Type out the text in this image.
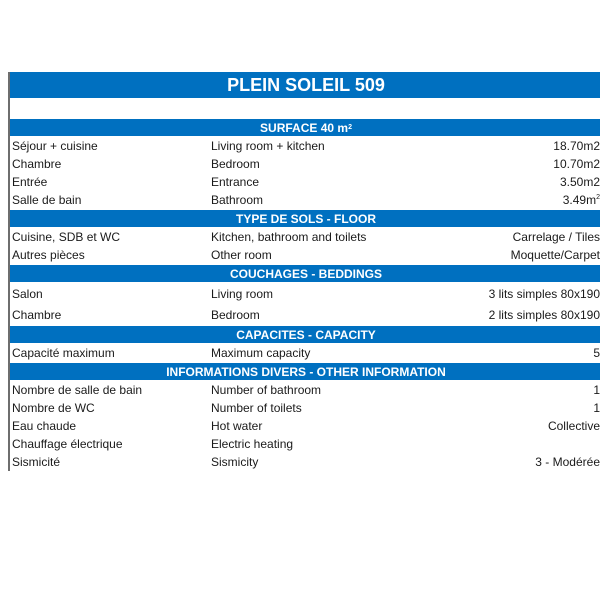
PLEIN SOLEIL 509
SURFACE 40 m 2
Séjour + cuisine	Living room + kitchen	18.70m2
Chambre	Bedroom	10.70m2
Entrée	Entrance	3.50m2
Salle de bain	Bathroom	$3.49m^2$
TYPE DE SOLS - FLOOR
Cuisine, SDB et WC	Kitchen, bathroom and toilets	Carrelage / Tiles
Autres pièces	Other room	Moquette/Carpet
COUCHAGES - BEDDINGS
Salon	Living room	3 lits simples 80x190
Chambre	Bedroom	2 lits simples 80x190
CAPACITES - CAPACITY
Capacité maximum	Maximum capacity	5
INFORMATIONS DIVERS - OTHER INFORMATION
Nombre de salle de bain	Number of bathroom	1
Nombre de WC	Number of toilets	1
Eau chaude	Hot water	Collective
Chauffage électrique	Electric heating
Sismicité	Sismicity	3 - Modérée
